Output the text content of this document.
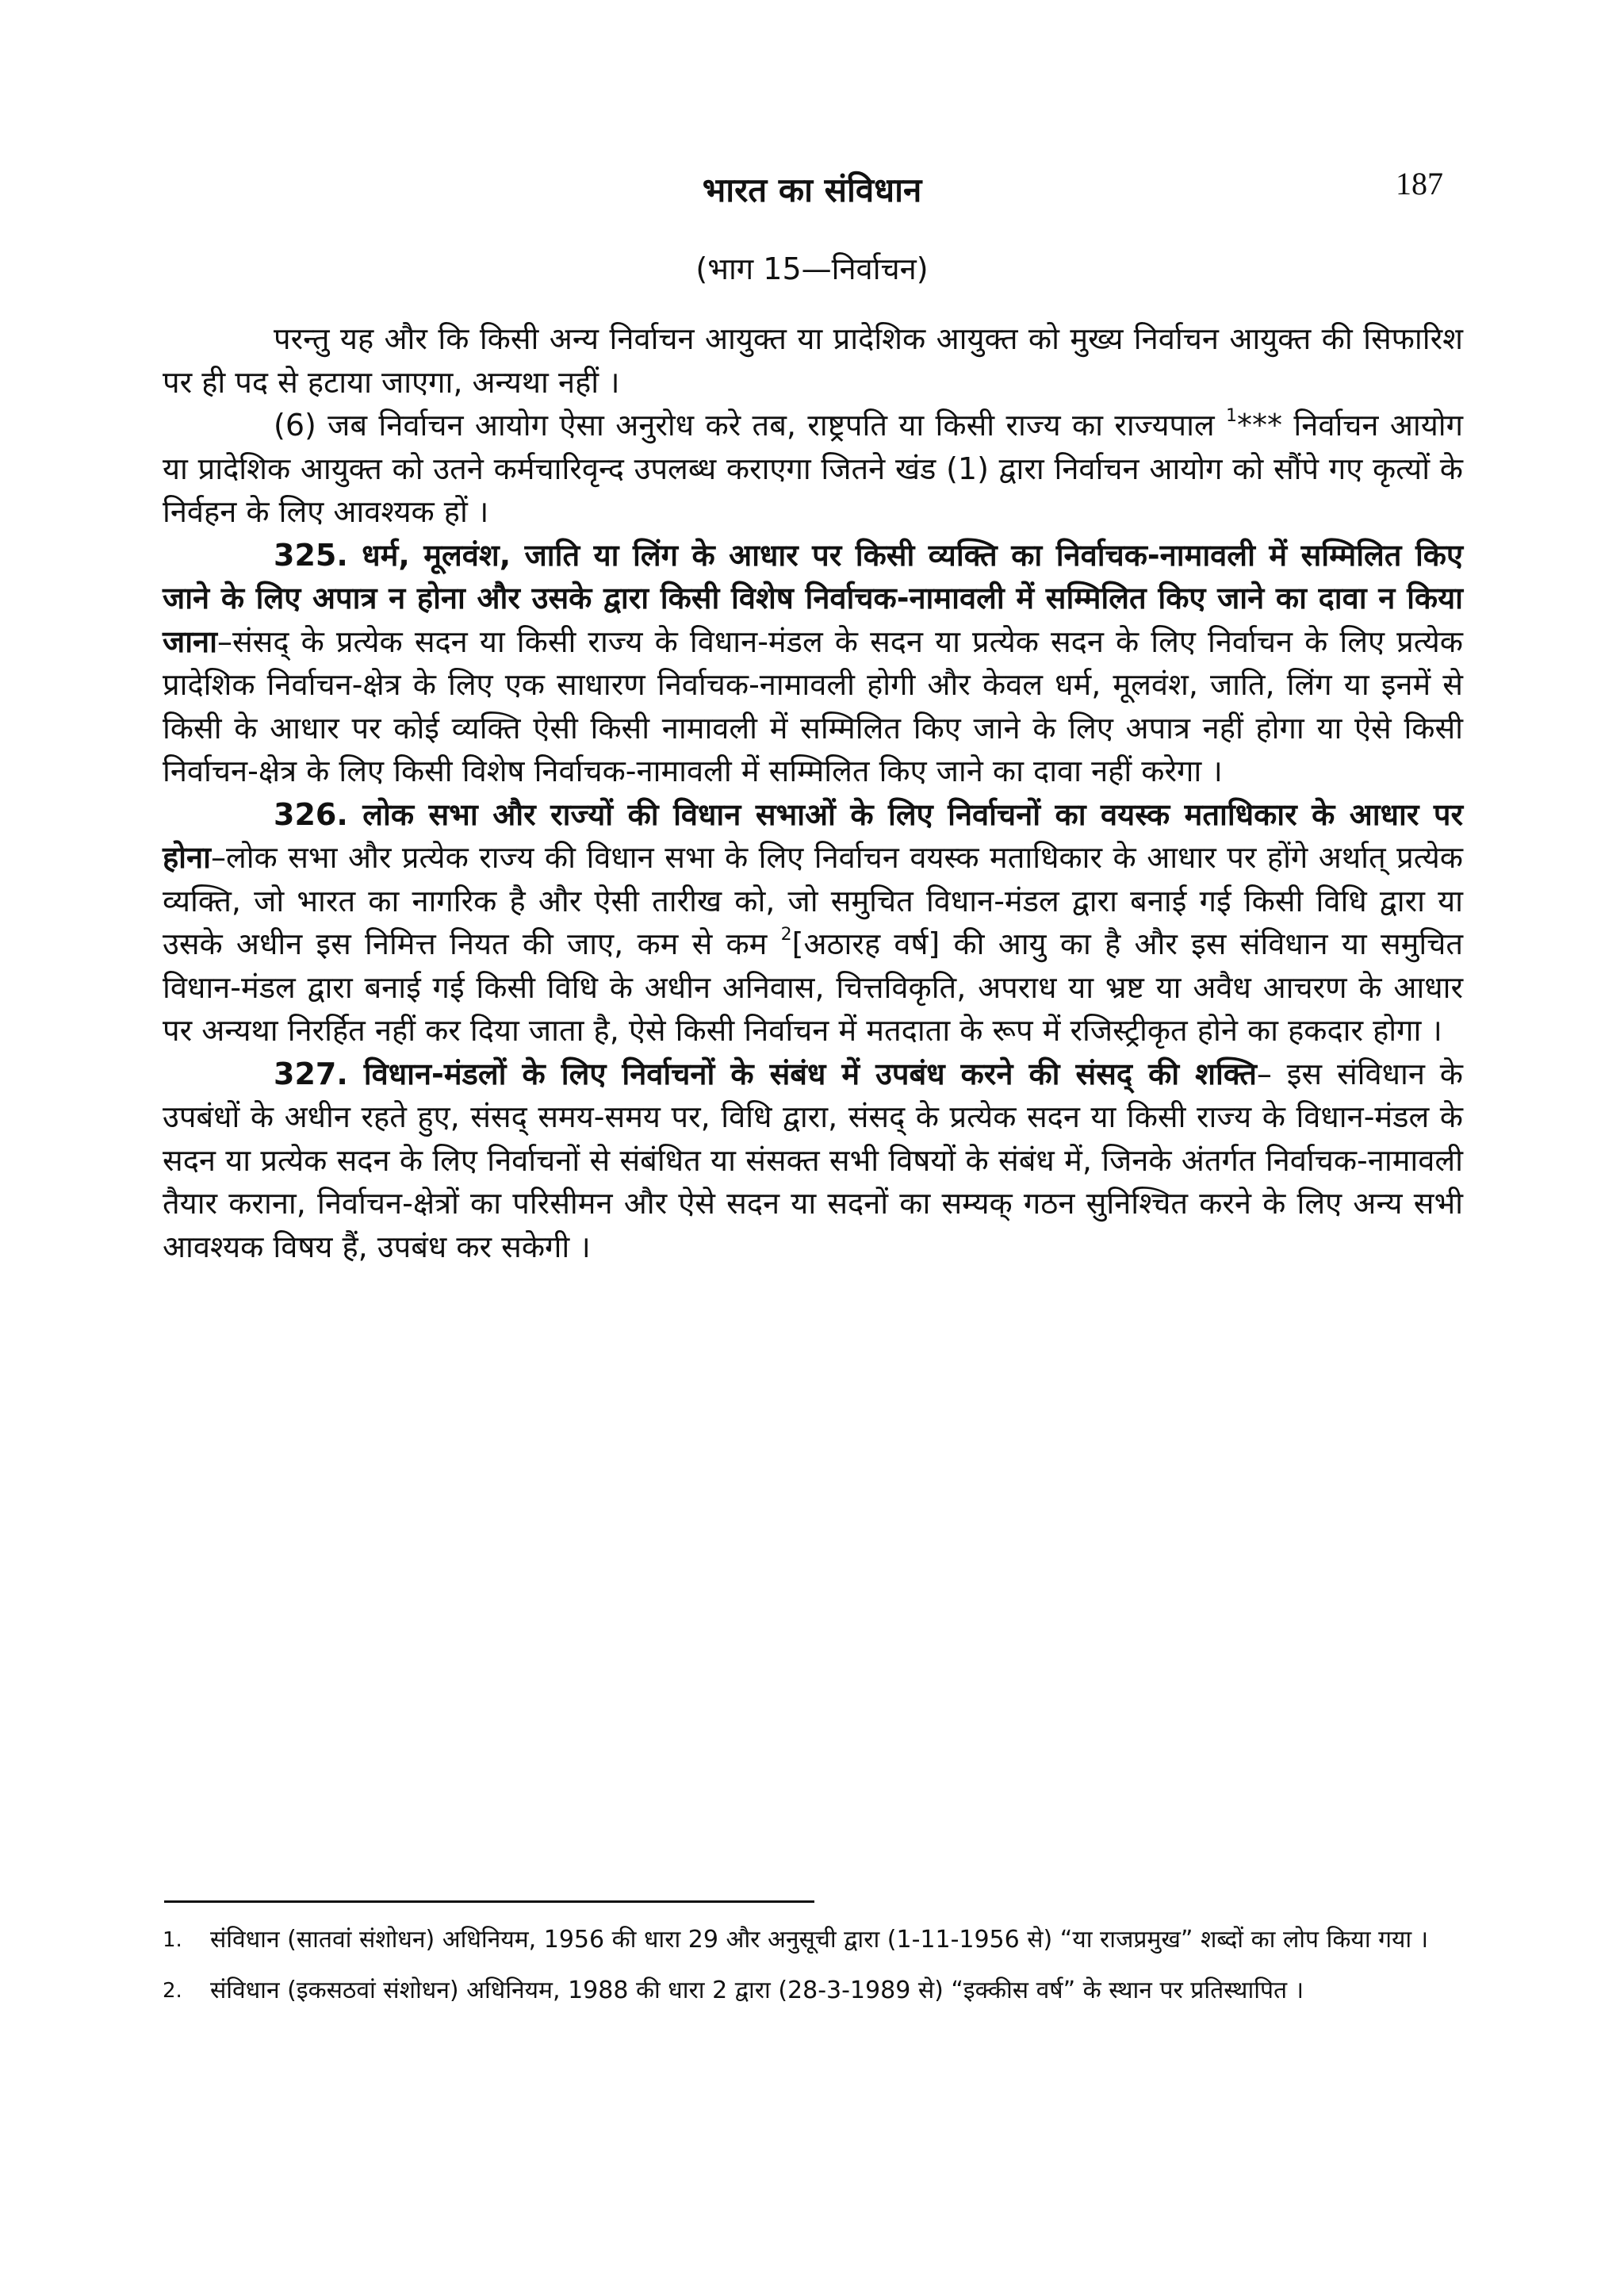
187
भारत का संविधान
(भाग 15—निर्वाचन)

परन्तु यह और कि किसी अन्य निर्वाचन आयुक्त या प्रादेशिक आयुक्त को मुख्य निर्वाचन आयुक्त की सिफारिश पर ही पद से हटाया जाएगा, अन्यथा नहीं ।

(6) जब निर्वाचन आयोग ऐसा अनुरोध करे तब, राष्ट्रपति या किसी राज्य का राज्यपाल $^1$*** निर्वाचन आयोग या प्रादेशिक आयुक्त को उतने कर्मचारिवृन्द उपलब्ध कराएगा जितने खंड (1) द्वारा निर्वाचन आयोग को सौंपे गए कृत्यों के निर्वहन के लिए आवश्यक हों ।

325. धर्म, मूलवंश, जाति या लिंग के आधार पर किसी व्यक्ति का निर्वाचक-नामावली में सम्मिलित किए जाने के लिए अपात्र न होना और उसके द्वारा किसी विशेष निर्वाचक-नामावली में सम्मिलित किए जाने का दावा न किया जाना–संसद् के प्रत्येक सदन या किसी राज्य के विधान-मंडल के सदन या प्रत्येक सदन के लिए निर्वाचन के लिए प्रत्येक प्रादेशिक निर्वाचन-क्षेत्र के लिए एक साधारण निर्वाचक-नामावली होगी और केवल धर्म, मूलवंश, जाति, लिंग या इनमें से किसी के आधार पर कोई व्यक्ति ऐसी किसी नामावली में सम्मिलित किए जाने के लिए अपात्र नहीं होगा या ऐसे किसी निर्वाचन-क्षेत्र के लिए किसी विशेष निर्वाचक-नामावली में सम्मिलित किए जाने का दावा नहीं करेगा ।

326. लोक सभा और राज्यों की विधान सभाओं के लिए निर्वाचनों का वयस्क मताधिकार के आधार पर होना–लोक सभा और प्रत्येक राज्य की विधान सभा के लिए निर्वाचन वयस्क मताधिकार के आधार पर होंगे अर्थात् प्रत्येक व्यक्ति, जो भारत का नागरिक है और ऐसी तारीख को, जो समुचित विधान-मंडल द्वारा बनाई गई किसी विधि द्वारा या उसके अधीन इस निमित्त नियत की जाए, कम से कम $^2$[अठारह वर्ष] की आयु का है और इस संविधान या समुचित विधान-मंडल द्वारा बनाई गई किसी विधि के अधीन अनिवास, चित्तविकृति, अपराध या भ्रष्ट या अवैध आचरण के आधार पर अन्यथा निरर्हित नहीं कर दिया जाता है, ऐसे किसी निर्वाचन में मतदाता के रूप में रजिस्ट्रीकृत होने का हकदार होगा ।

327. विधान-मंडलों के लिए निर्वाचनों के संबंध में उपबंध करने की संसद् की शक्ति– इस संविधान के उपबंधों के अधीन रहते हुए, संसद् समय-समय पर, विधि द्वारा, संसद् के प्रत्येक सदन या किसी राज्य के विधान-मंडल के सदन या प्रत्येक सदन के लिए निर्वाचनों से संबंधित या संसक्त सभी विषयों के संबंध में, जिनके अंतर्गत निर्वाचक-नामावली तैयार कराना, निर्वाचन-क्षेत्रों का परिसीमन और ऐसे सदन या सदनों का सम्यक् गठन सुनिश्चित करने के लिए अन्य सभी आवश्यक विषय हैं, उपबंध कर सकेगी ।

1. संविधान (सातवां संशोधन) अधिनियम, 1956 की धारा 29 और अनुसूची द्वारा (1-11-1956 से) “या राजप्रमुख” शब्दों का लोप किया गया ।
2. संविधान (इकसठवां संशोधन) अधिनियम, 1988 की धारा 2 द्वारा (28-3-1989 से) “इक्कीस वर्ष” के स्थान पर प्रतिस्थापित ।
